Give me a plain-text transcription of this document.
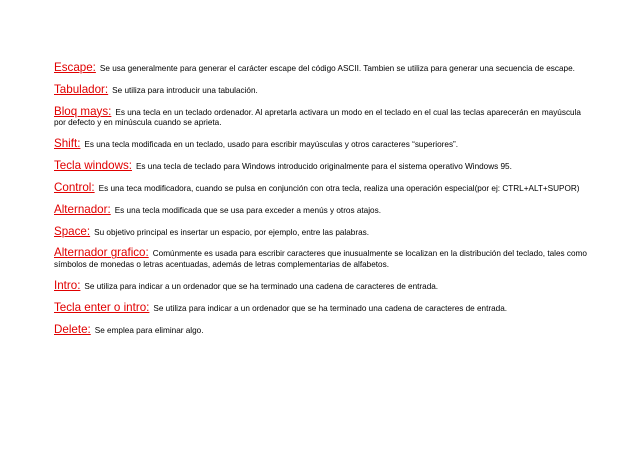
Escape: Se usa generalmente para generar el carácter escape del código ASCII. Tambien se utiliza para generar una secuencia de escape.

Tabulador: Se utiliza para introducir una tabulación.

Bloq mays: Es una tecla en un teclado ordenador. Al apretarla activara un modo en el teclado en el cual las teclas aparecerán en mayúscula por defecto y en minúscula cuando se aprieta.

Shift: Es una tecla modificada en un teclado, usado para escribir mayúsculas y otros caracteres “superiores”.

Tecla windows: Es una tecla de teclado para Windows introducido originalmente para el sistema operativo Windows 95.

Control: Es una teca modificadora, cuando se pulsa en conjunción con otra tecla, realiza una operación especial(por ej: CTRL+ALT+SUPOR)

Alternador: Es una tecla modificada que se usa para exceder a menús y otros atajos.

Space: Su objetivo principal es insertar un espacio, por ejemplo, entre las palabras.

Alternador grafico: Comúnmente es usada para escribir caracteres que inusualmente se localizan en la distribución del teclado, tales como símbolos de monedas o letras acentuadas, además de letras complementarias de alfabetos.

Intro: Se utiliza para indicar a un ordenador que se ha terminado una cadena de caracteres de entrada.

Tecla enter o intro: Se utiliza para indicar a un ordenador que se ha terminado una cadena de caracteres de entrada.

Delete: Se emplea para eliminar algo.
